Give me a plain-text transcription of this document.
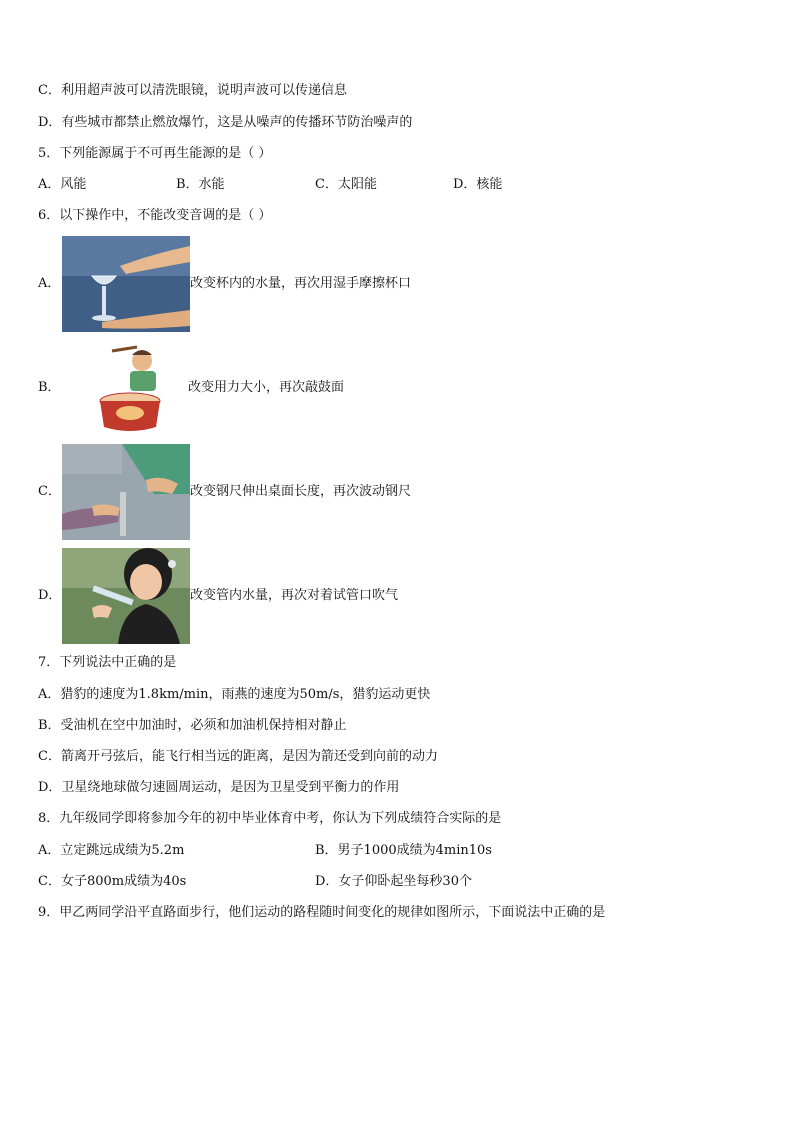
C．利用超声波可以清洗眼镜，说明声波可以传递信息
D．有些城市都禁止燃放爆竹，这是从噪声的传播环节防治噪声的
5．下列能源属于不可再生能源的是（ ）
A．风能	B．水能	C．太阳能	D．核能
6．以下操作中，不能改变音调的是（ ）
A．	改变杯内的水量，再次用湿手摩擦杯口
B．	改变用力大小，再次敲鼓面
C．	改变钢尺伸出桌面长度，再次波动钢尺
D．	改变管内水量，再次对着试管口吹气
7．下列说法中正确的是
A．猎豹的速度为1.8km/min，雨燕的速度为50m/s，猎豹运动更快
B．受油机在空中加油时，必须和加油机保持相对静止
C．箭离开弓弦后，能飞行相当远的距离，是因为箭还受到向前的动力
D．卫星绕地球做匀速圆周运动，是因为卫星受到平衡力的作用
8．九年级同学即将参加今年的初中毕业体育中考，你认为下列成绩符合实际的是
A．立定跳远成绩为5.2m	B．男子1000成绩为4min10s
C．女子800m成绩为40s	D．女子仰卧起坐每秒30个
9．甲乙两同学沿平直路面步行，他们运动的路程随时间变化的规律如图所示，下面说法中正确的是
